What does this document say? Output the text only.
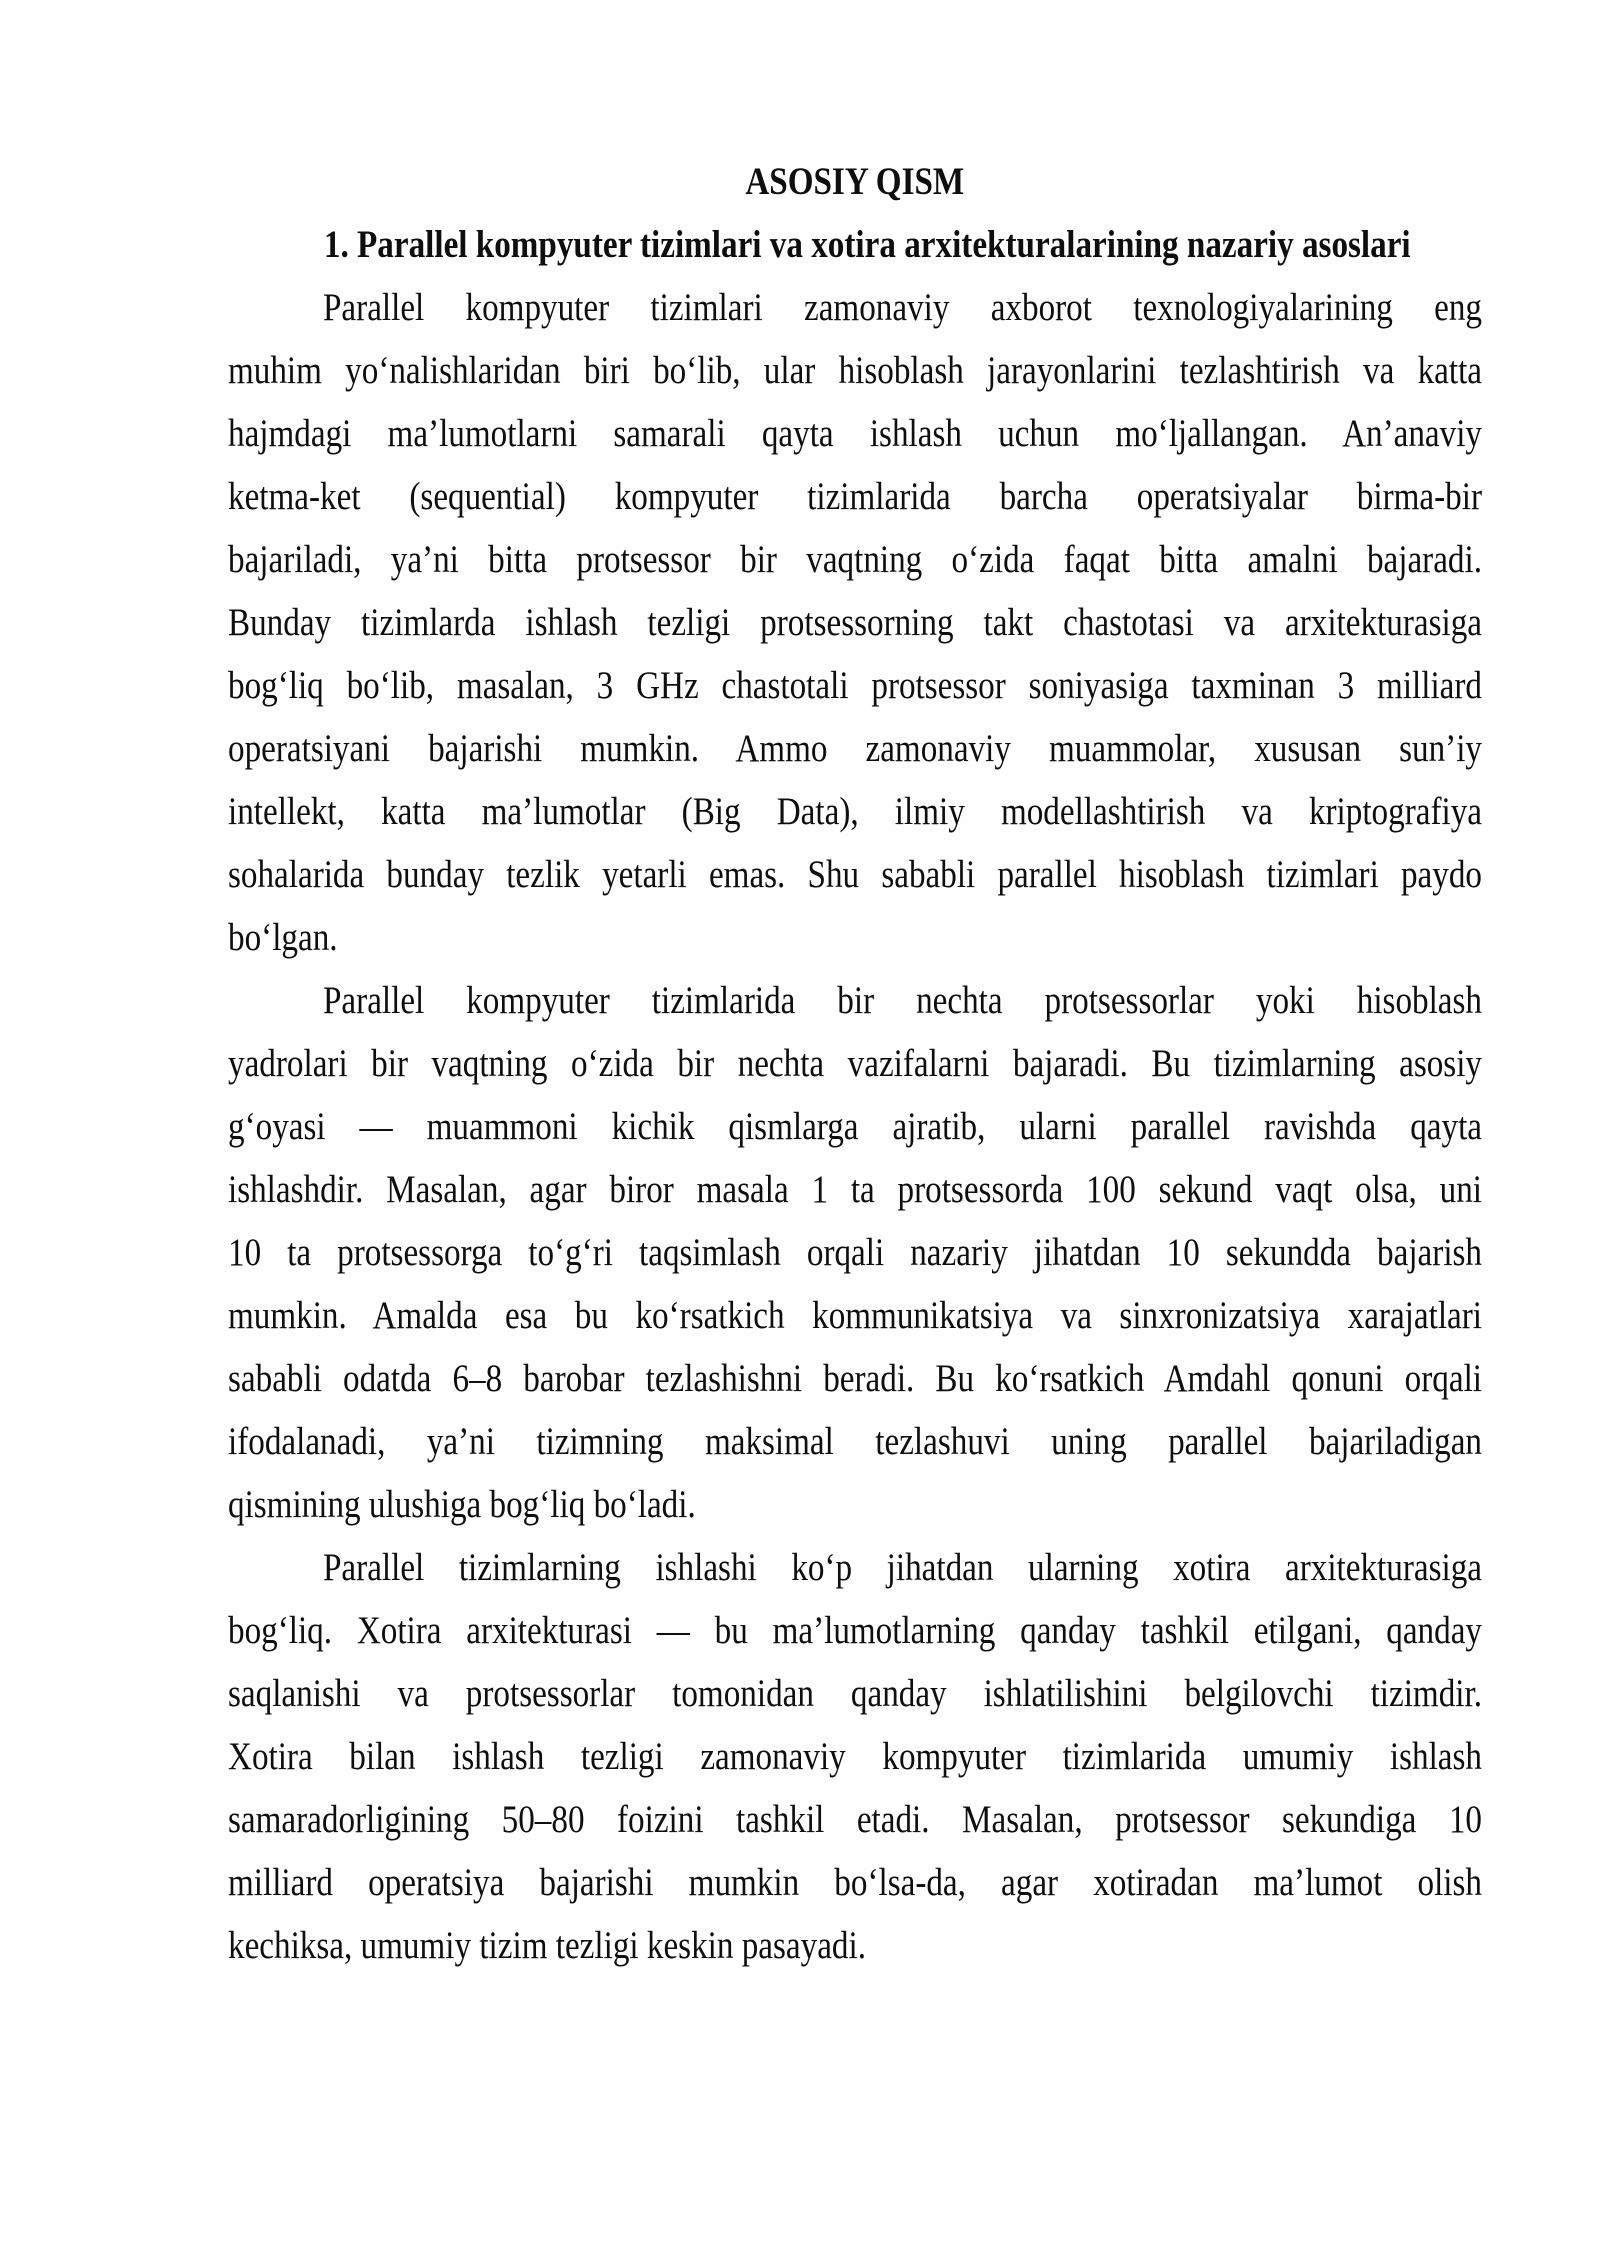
ASOSIY QISM
1. Parallel kompyuter tizimlari va xotira arxitekturalarining nazariy asoslari
Parallel kompyuter tizimlari zamonaviy axborot texnologiyalarining eng
muhim yoʻnalishlaridan biri boʻlib, ular hisoblash jarayonlarini tezlashtirish va katta
hajmdagi ma’lumotlarni samarali qayta ishlash uchun moʻljallangan. An’anaviy
ketma-ket (sequential) kompyuter tizimlarida barcha operatsiyalar birma-bir
bajariladi, ya’ni bitta protsessor bir vaqtning oʻzida faqat bitta amalni bajaradi.
Bunday tizimlarda ishlash tezligi protsessorning takt chastotasi va arxitekturasiga
bogʻliq boʻlib, masalan, 3 GHz chastotali protsessor soniyasiga taxminan 3 milliard
operatsiyani bajarishi mumkin. Ammo zamonaviy muammolar, xususan sun’iy
intellekt, katta ma’lumotlar (Big Data), ilmiy modellashtirish va kriptografiya
sohalarida bunday tezlik yetarli emas. Shu sababli parallel hisoblash tizimlari paydo
boʻlgan.
Parallel kompyuter tizimlarida bir nechta protsessorlar yoki hisoblash
yadrolari bir vaqtning oʻzida bir nechta vazifalarni bajaradi. Bu tizimlarning asosiy
gʻoyasi — muammoni kichik qismlarga ajratib, ularni parallel ravishda qayta
ishlashdir. Masalan, agar biror masala 1 ta protsessorda 100 sekund vaqt olsa, uni
10 ta protsessorga toʻgʻri taqsimlash orqali nazariy jihatdan 10 sekundda bajarish
mumkin. Amalda esa bu koʻrsatkich kommunikatsiya va sinxronizatsiya xarajatlari
sababli odatda 6–8 barobar tezlashishni beradi. Bu koʻrsatkich Amdahl qonuni orqali
ifodalanadi, ya’ni tizimning maksimal tezlashuvi uning parallel bajariladigan
qismining ulushiga bogʻliq boʻladi.
Parallel tizimlarning ishlashi koʻp jihatdan ularning xotira arxitekturasiga
bogʻliq. Xotira arxitekturasi — bu ma’lumotlarning qanday tashkil etilgani, qanday
saqlanishi va protsessorlar tomonidan qanday ishlatilishini belgilovchi tizimdir.
Xotira bilan ishlash tezligi zamonaviy kompyuter tizimlarida umumiy ishlash
samaradorligining 50–80 foizini tashkil etadi. Masalan, protsessor sekundiga 10
milliard operatsiya bajarishi mumkin boʻlsa-da, agar xotiradan ma’lumot olish
kechiksa, umumiy tizim tezligi keskin pasayadi.
